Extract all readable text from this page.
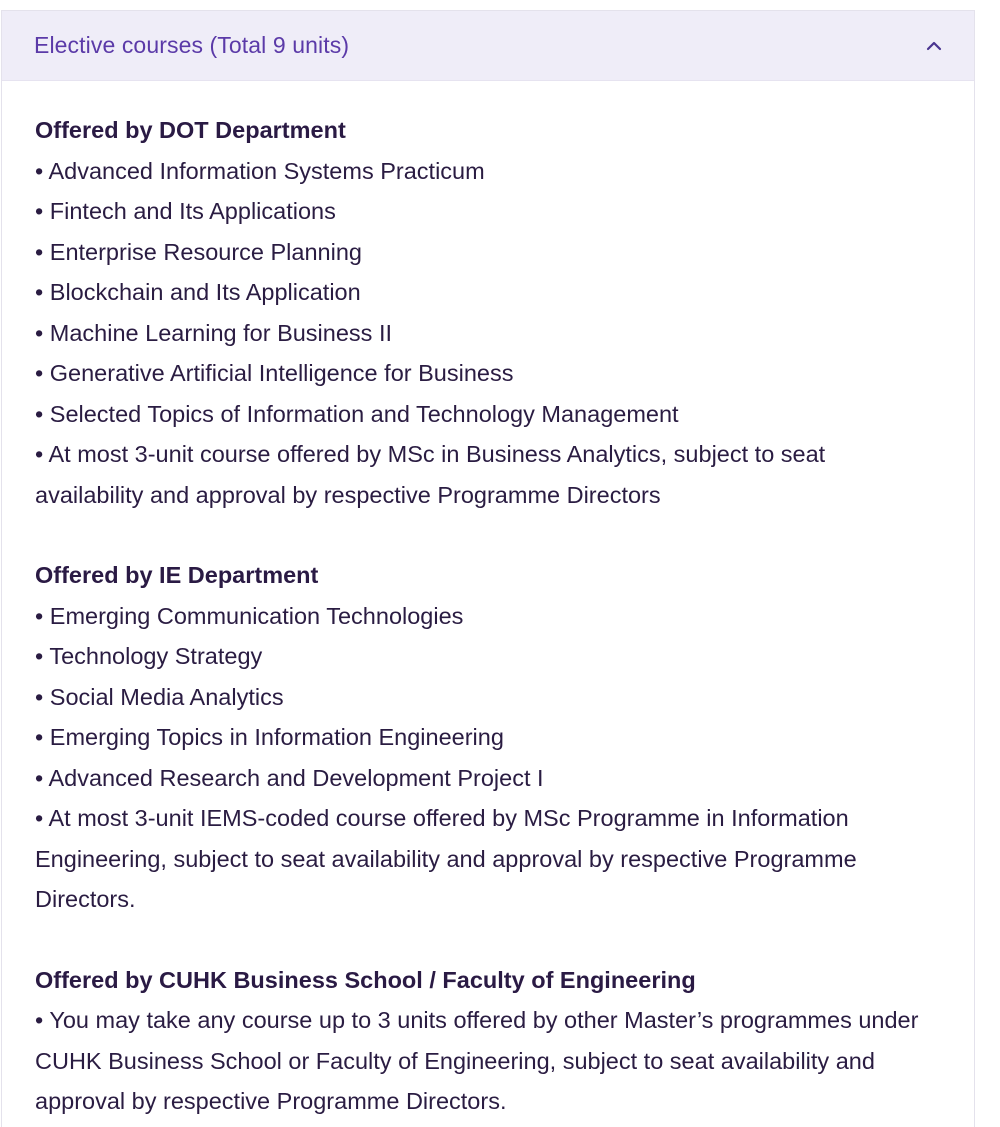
Elective courses (Total 9 units)
Offered by DOT Department
• Advanced Information Systems Practicum
• Fintech and Its Applications
• Enterprise Resource Planning
• Blockchain and Its Application
• Machine Learning for Business II
• Generative Artificial Intelligence for Business
• Selected Topics of Information and Technology Management
• At most 3-unit course offered by MSc in Business Analytics, subject to seat availability and approval by respective Programme Directors
Offered by IE Department
• Emerging Communication Technologies
• Technology Strategy
• Social Media Analytics
• Emerging Topics in Information Engineering
• Advanced Research and Development Project I
• At most 3-unit IEMS-coded course offered by MSc Programme in Information Engineering, subject to seat availability and approval by respective Programme Directors.
Offered by CUHK Business School / Faculty of Engineering
• You may take any course up to 3 units offered by other Master’s programmes under CUHK Business School or Faculty of Engineering, subject to seat availability and approval by respective Programme Directors.
